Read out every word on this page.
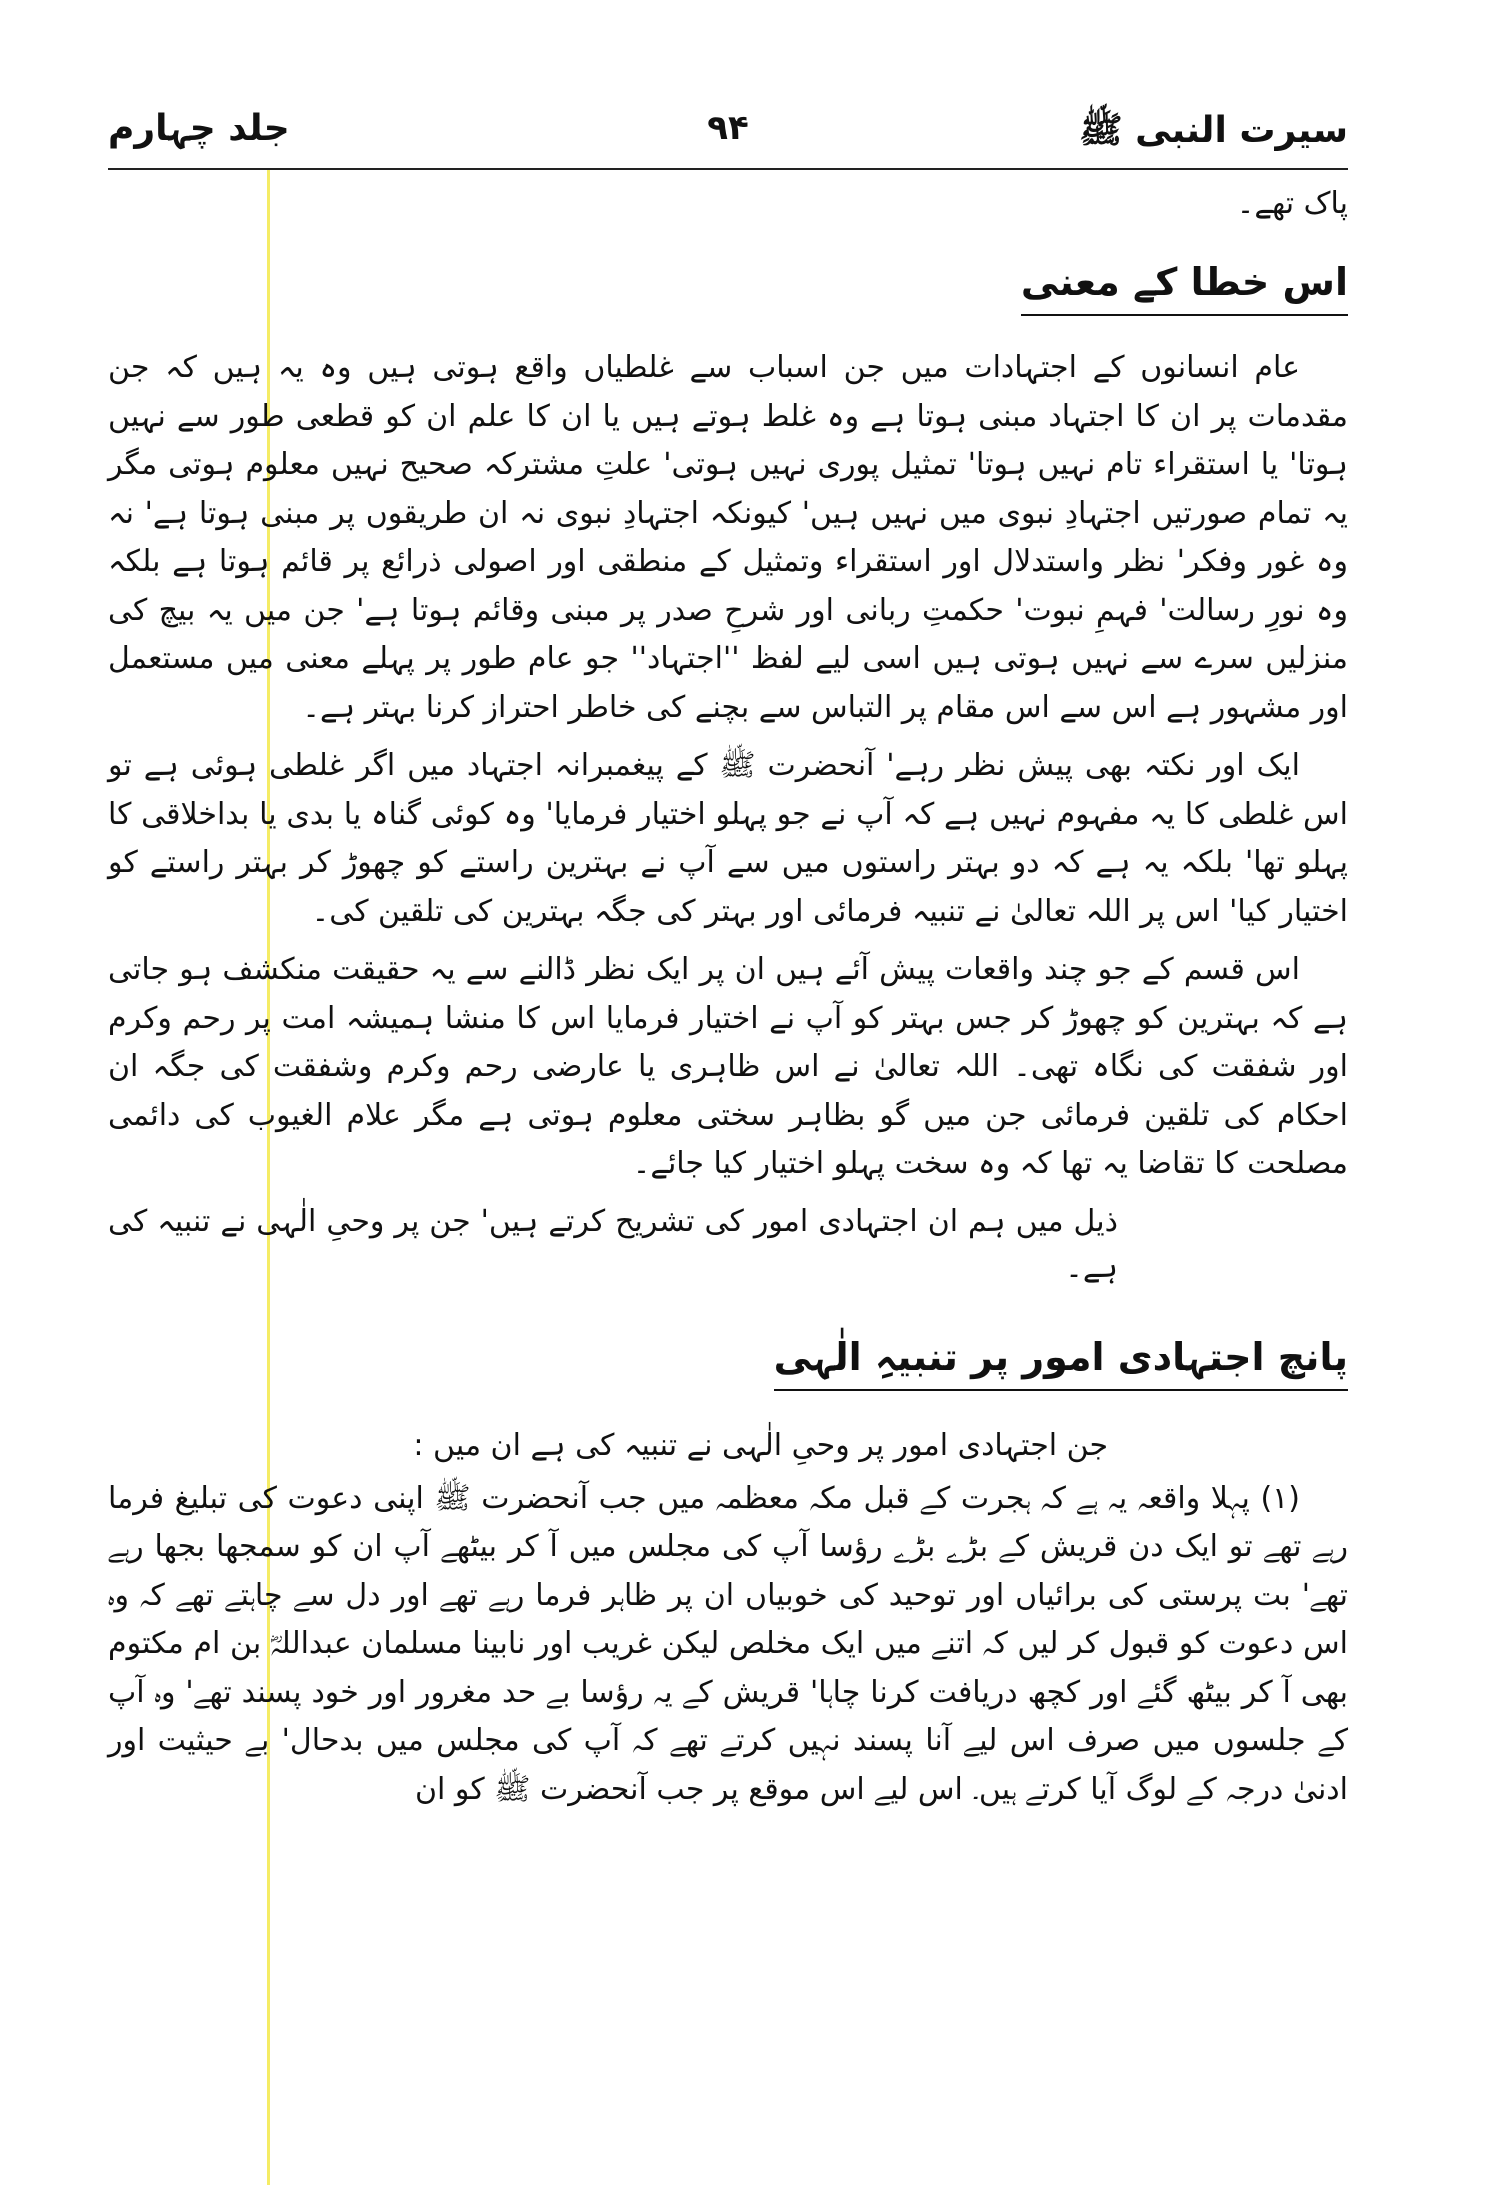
سیرت النبی ﷺ
۹۴
جلد چہارم

پاک تھے۔

اس خطا کے معنی

عام انسانوں کے اجتہادات میں جن اسباب سے غلطیاں واقع ہوتی ہیں وہ یہ ہیں کہ جن مقدمات پر ان کا اجتہاد مبنی ہوتا ہے وہ غلط ہوتے ہیں یا ان کا علم ان کو قطعی طور سے نہیں ہوتا' یا استقراء تام نہیں ہوتا' تمثیل پوری نہیں ہوتی' علتِ مشترکہ صحیح نہیں معلوم ہوتی مگر یہ تمام صورتیں اجتہادِ نبوی میں نہیں ہیں' کیونکہ اجتہادِ نبوی نہ ان طریقوں پر مبنی ہوتا ہے' نہ وہ غور وفکر' نظر واستدلال اور استقراء وتمثیل کے منطقی اور اصولی ذرائع پر قائم ہوتا ہے بلکہ وہ نورِ رسالت' فہمِ نبوت' حکمتِ ربانی اور شرحِ صدر پر مبنی وقائم ہوتا ہے' جن میں یہ بیچ کی منزلیں سرے سے نہیں ہوتی ہیں اسی لیے لفظ ''اجتہاد'' جو عام طور پر پہلے معنی میں مستعمل اور مشہور ہے اس سے اس مقام پر التباس سے بچنے کی خاطر احتراز کرنا بہتر ہے۔

ایک اور نکتہ بھی پیش نظر رہے' آنحضرت ﷺ کے پیغمبرانہ اجتہاد میں اگر غلطی ہوئی ہے تو اس غلطی کا یہ مفہوم نہیں ہے کہ آپ نے جو پہلو اختیار فرمایا' وہ کوئی گناہ یا بدی یا بداخلاقی کا پہلو تھا' بلکہ یہ ہے کہ دو بہتر راستوں میں سے آپ نے بہترین راستے کو چھوڑ کر بہتر راستے کو اختیار کیا' اس پر اللہ تعالیٰ نے تنبیہ فرمائی اور بہتر کی جگہ بہترین کی تلقین کی۔

اس قسم کے جو چند واقعات پیش آئے ہیں ان پر ایک نظر ڈالنے سے یہ حقیقت منکشف ہو جاتی ہے کہ بہترین کو چھوڑ کر جس بہتر کو آپ نے اختیار فرمایا اس کا منشا ہمیشہ امت پر رحم وکرم اور شفقت کی نگاہ تھی۔ اللہ تعالیٰ نے اس ظاہری یا عارضی رحم وکرم وشفقت کی جگہ ان احکام کی تلقین فرمائی جن میں گو بظاہر سختی معلوم ہوتی ہے مگر علام الغیوب کی دائمی مصلحت کا تقاضا یہ تھا کہ وہ سخت پہلو اختیار کیا جائے۔

ذیل میں ہم ان اجتہادی امور کی تشریح کرتے ہیں' جن پر وحیِ الٰہی نے تنبیہ کی ہے۔

پانچ اجتہادی امور پر تنبیہِ الٰہی

جن اجتہادی امور پر وحیِ الٰہی نے تنبیہ کی ہے ان میں :

(۱) پہلا واقعہ یہ ہے کہ ہجرت کے قبل مکہ معظمہ میں جب آنحضرت ﷺ اپنی دعوت کی تبلیغ فرما رہے تھے تو ایک دن قریش کے بڑے بڑے رؤسا آپ کی مجلس میں آ کر بیٹھے آپ ان کو سمجھا بجھا رہے تھے' بت پرستی کی برائیاں اور توحید کی خوبیاں ان پر ظاہر فرما رہے تھے اور دل سے چاہتے تھے کہ وہ اس دعوت کو قبول کر لیں کہ اتنے میں ایک مخلص لیکن غریب اور نابینا مسلمان عبداللہؓ بن ام مکتوم بھی آ کر بیٹھ گئے اور کچھ دریافت کرنا چاہا' قریش کے یہ رؤسا بے حد مغرور اور خود پسند تھے' وہ آپ کے جلسوں میں صرف اس لیے آنا پسند نہیں کرتے تھے کہ آپ کی مجلس میں بدحال' بے حیثیت اور ادنیٰ درجہ کے لوگ آیا کرتے ہیں۔ اس لیے اس موقع پر جب آنحضرت ﷺ کو ان
